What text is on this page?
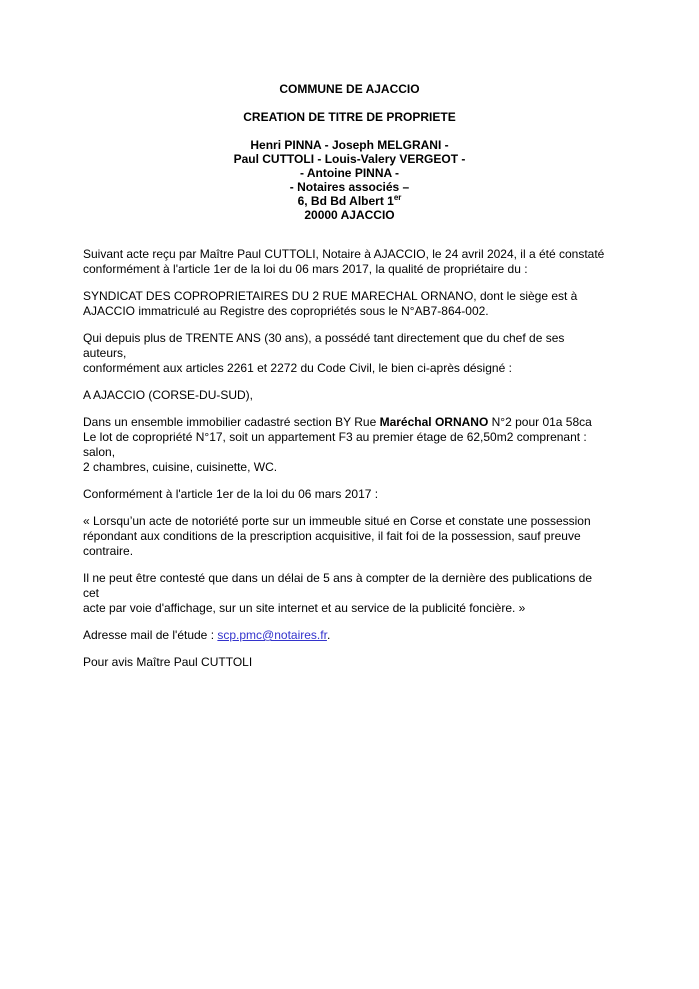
COMMUNE DE AJACCIO
CREATION DE TITRE DE PROPRIETE
Henri PINNA - Joseph MELGRANI -
Paul CUTTOLI - Louis-Valery VERGEOT -
- Antoine PINNA -
- Notaires associés –
6, Bd Bd Albert 1er
20000 AJACCIO

Suivant acte reçu par Maître Paul CUTTOLI, Notaire à AJACCIO, le 24 avril 2024, il a été constaté
conformément à l'article 1er de la loi du 06 mars 2017, la qualité de propriétaire du :

SYNDICAT DES COPROPRIETAIRES DU 2 RUE MARECHAL ORNANO, dont le siège est à
AJACCIO immatriculé au Registre des copropriétés sous le N°AB7-864-002.

Qui depuis plus de TRENTE ANS (30 ans), a possédé tant directement que du chef de ses auteurs,
conformément aux articles 2261 et 2272 du Code Civil, le bien ci-après désigné :

A AJACCIO (CORSE-DU-SUD),

Dans un ensemble immobilier cadastré section BY Rue Maréchal ORNANO N°2 pour 01a 58ca
Le lot de copropriété N°17, soit un appartement F3 au premier étage de 62,50m2 comprenant : salon,
2 chambres, cuisine, cuisinette, WC.

Conformément à l'article 1er de la loi du 06 mars 2017 :

« Lorsqu’un acte de notoriété porte sur un immeuble situé en Corse et constate une possession
répondant aux conditions de la prescription acquisitive, il fait foi de la possession, sauf preuve
contraire.

Il ne peut être contesté que dans un délai de 5 ans à compter de la dernière des publications de cet
acte par voie d'affichage, sur un site internet et au service de la publicité foncière. »

Adresse mail de l'étude : scp.pmc@notaires.fr.

Pour avis Maître Paul CUTTOLI
